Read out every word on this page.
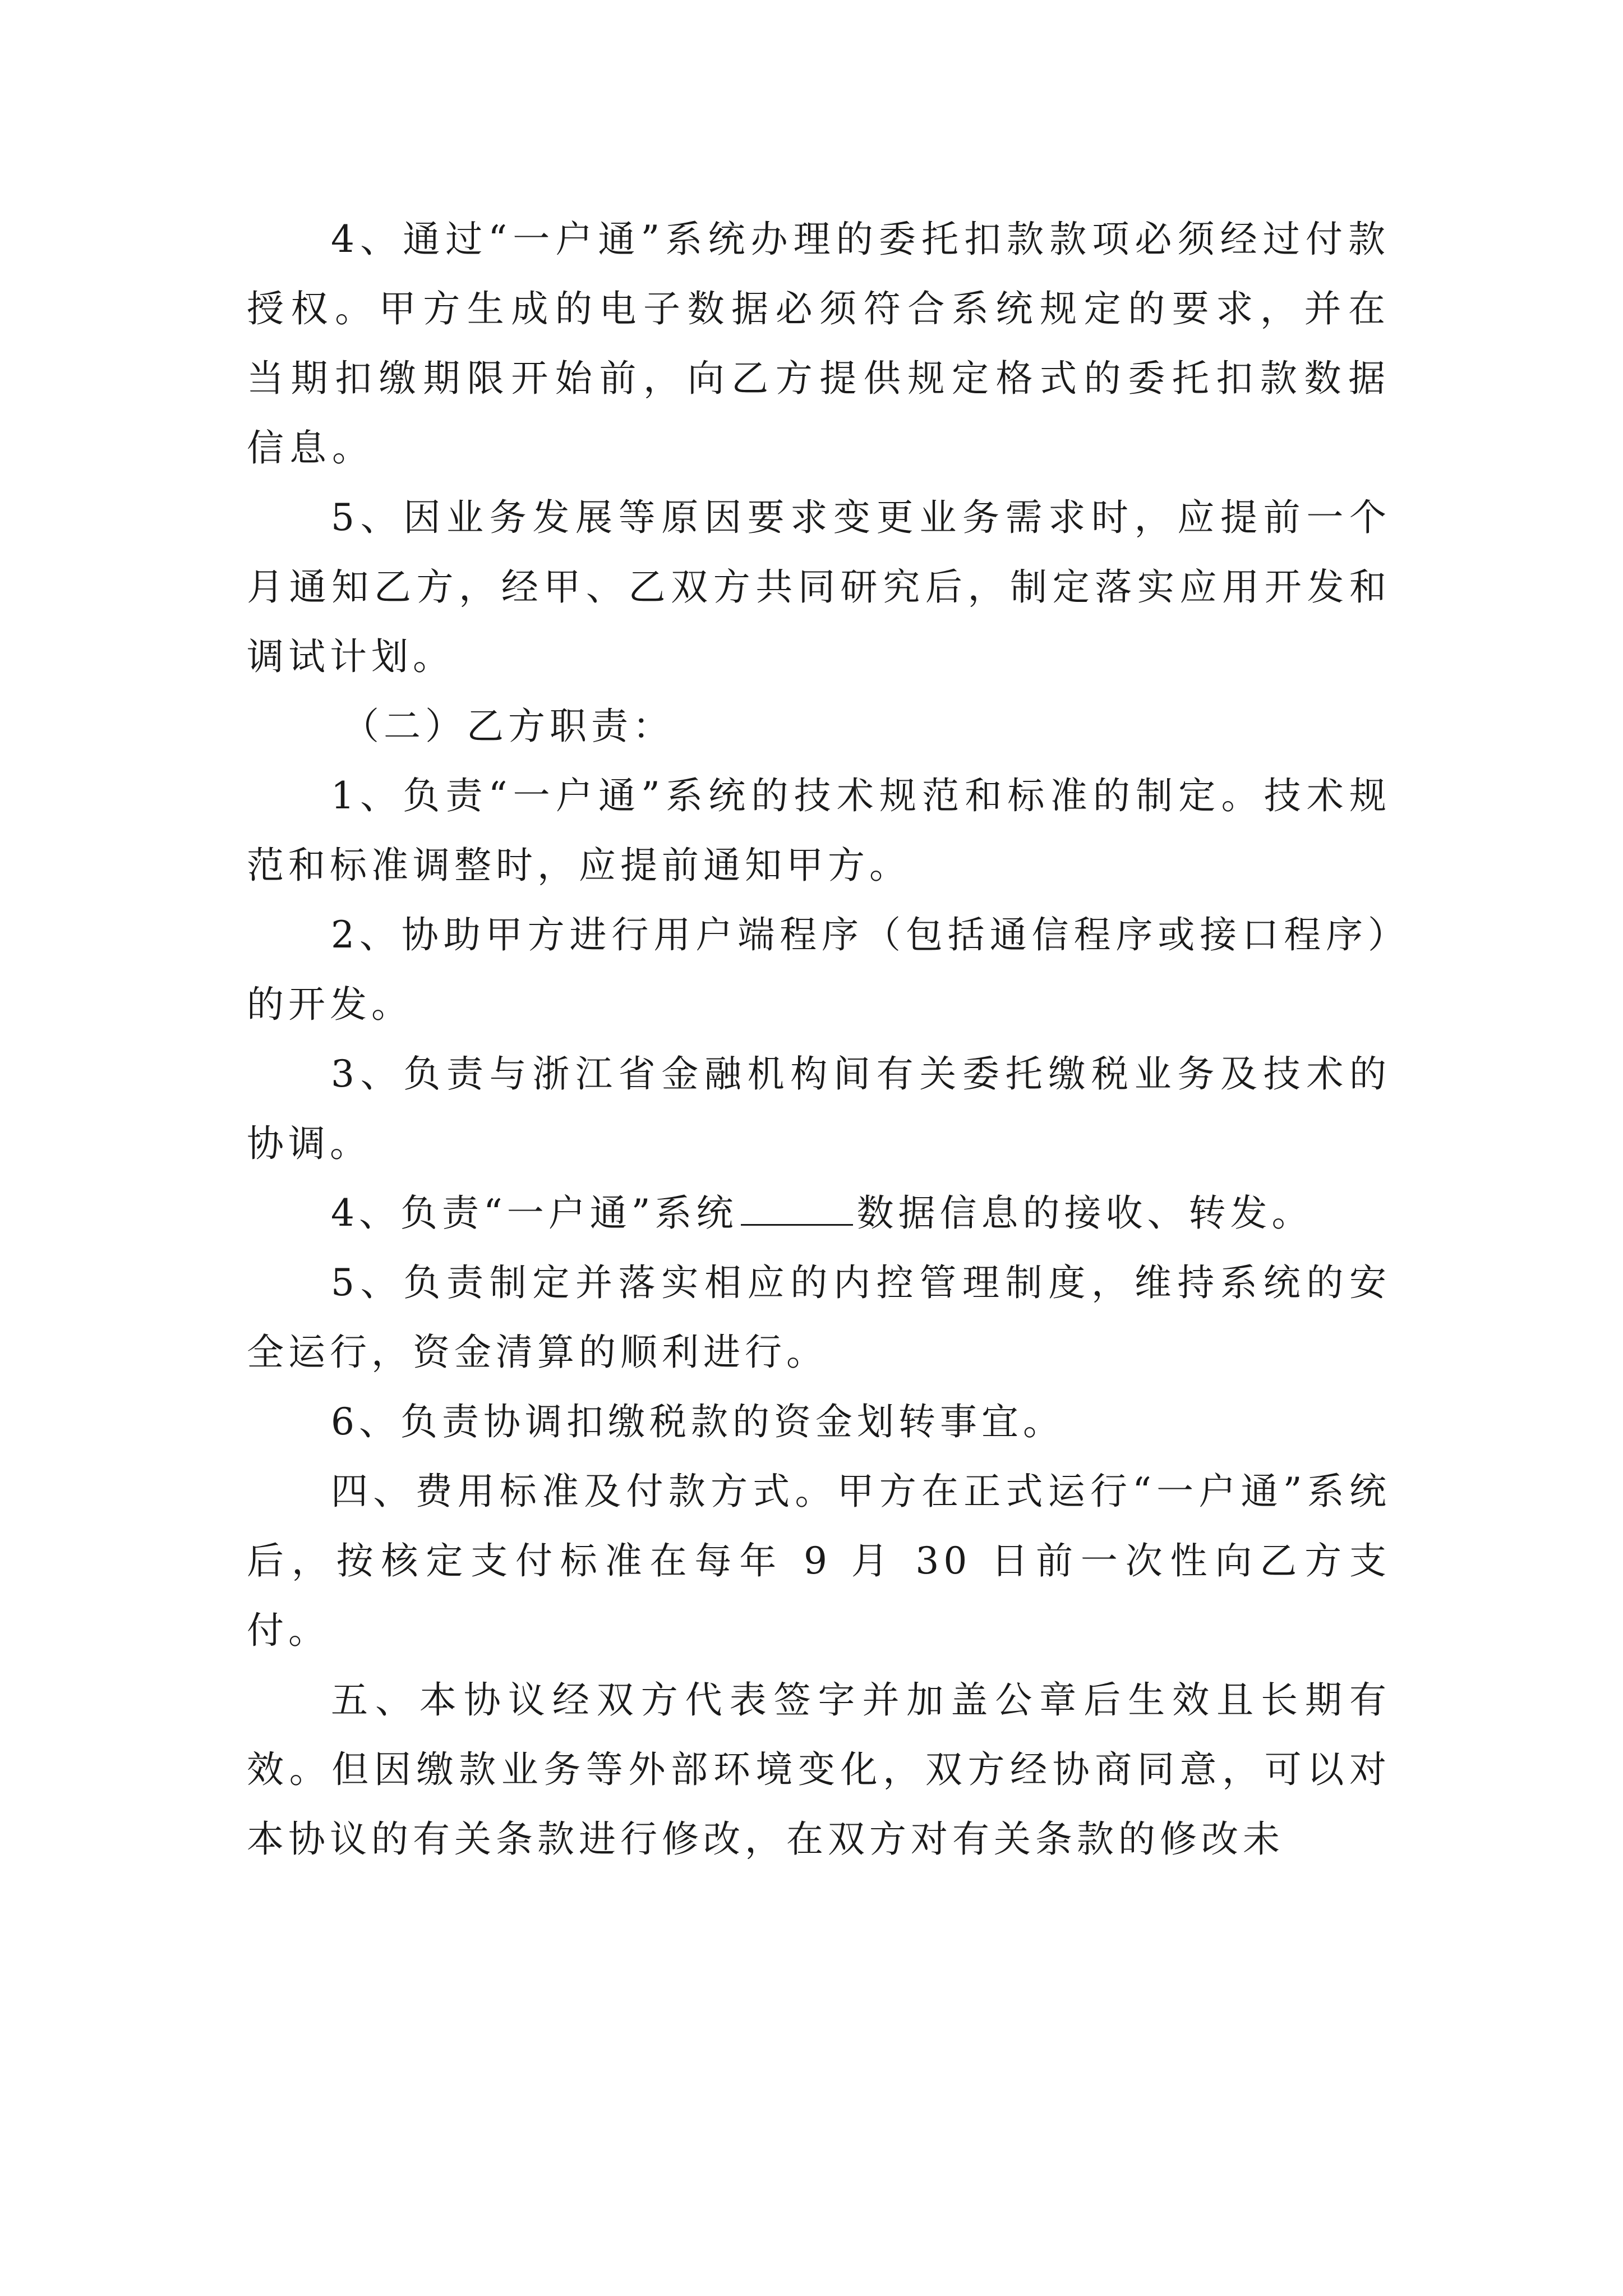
4、通过“一户通”系统办理的委托扣款款项必须经过付款授权。甲方生成的电子数据必须符合系统规定的要求，并在当期扣缴期限开始前，向乙方提供规定格式的委托扣款数据信息。

5、因业务发展等原因要求变更业务需求时，应提前一个月通知乙方，经甲、乙双方共同研究后，制定落实应用开发和调试计划。

（二）乙方职责：

1、负责“一户通”系统的技术规范和标准的制定。技术规范和标准调整时，应提前通知甲方。

2、协助甲方进行用户端程序（包括通信程序或接口程序）的开发。

3、负责与浙江省金融机构间有关委托缴税业务及技术的协调。

4、负责“一户通”系统	数据信息的接收、转发。

5、负责制定并落实相应的内控管理制度，维持系统的安全运行，资金清算的顺利进行。

6、负责协调扣缴税款的资金划转事宜。

四、费用标准及付款方式。甲方在正式运行“一户通”系统后，按核定支付标准在每年 9 月 30 日前一次性向乙方支付。

五、本协议经双方代表签字并加盖公章后生效且长期有效。但因缴款业务等外部环境变化，双方经协商同意，可以对本协议的有关条款进行修改，在双方对有关条款的修改未
